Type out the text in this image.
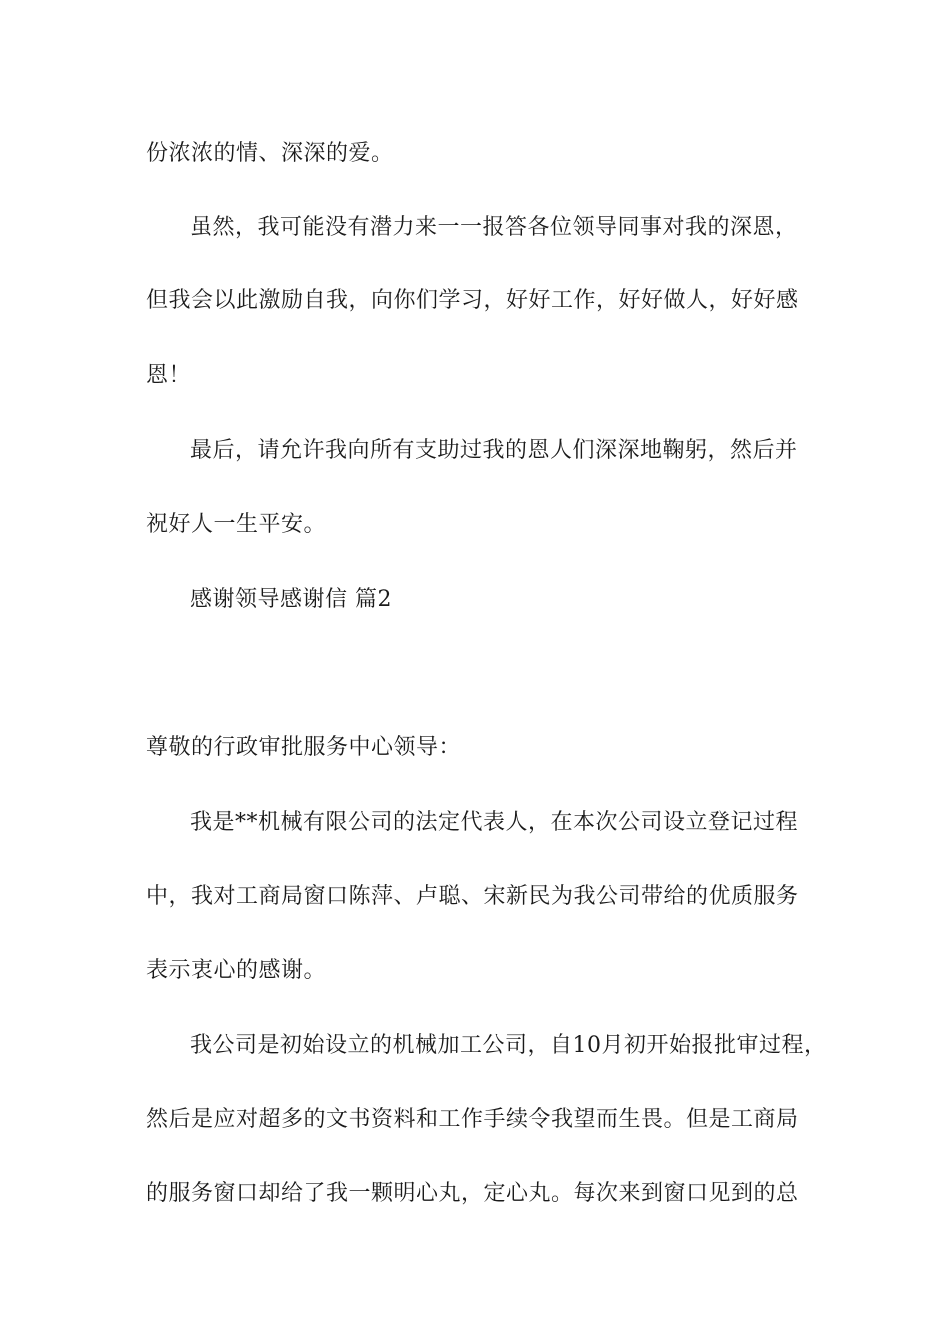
份浓浓的情、深深的爱。
虽然，我可能没有潜力来一一报答各位领导同事对我的深恩，
但我会以此激励自我，向你们学习，好好工作，好好做人，好好感
恩！
最后，请允许我向所有支助过我的恩人们深深地鞠躬，然后并
祝好人一生平安。
感谢领导感谢信 篇2
尊敬的行政审批服务中心领导：
我是**机械有限公司的法定代表人，在本次公司设立登记过程
中，我对工商局窗口陈萍、卢聪、宋新民为我公司带给的优质服务
表示衷心的感谢。
我公司是初始设立的机械加工公司，自10月初开始报批审过程，
然后是应对超多的文书资料和工作手续令我望而生畏。但是工商局
的服务窗口却给了我一颗明心丸，定心丸。每次来到窗口见到的总
